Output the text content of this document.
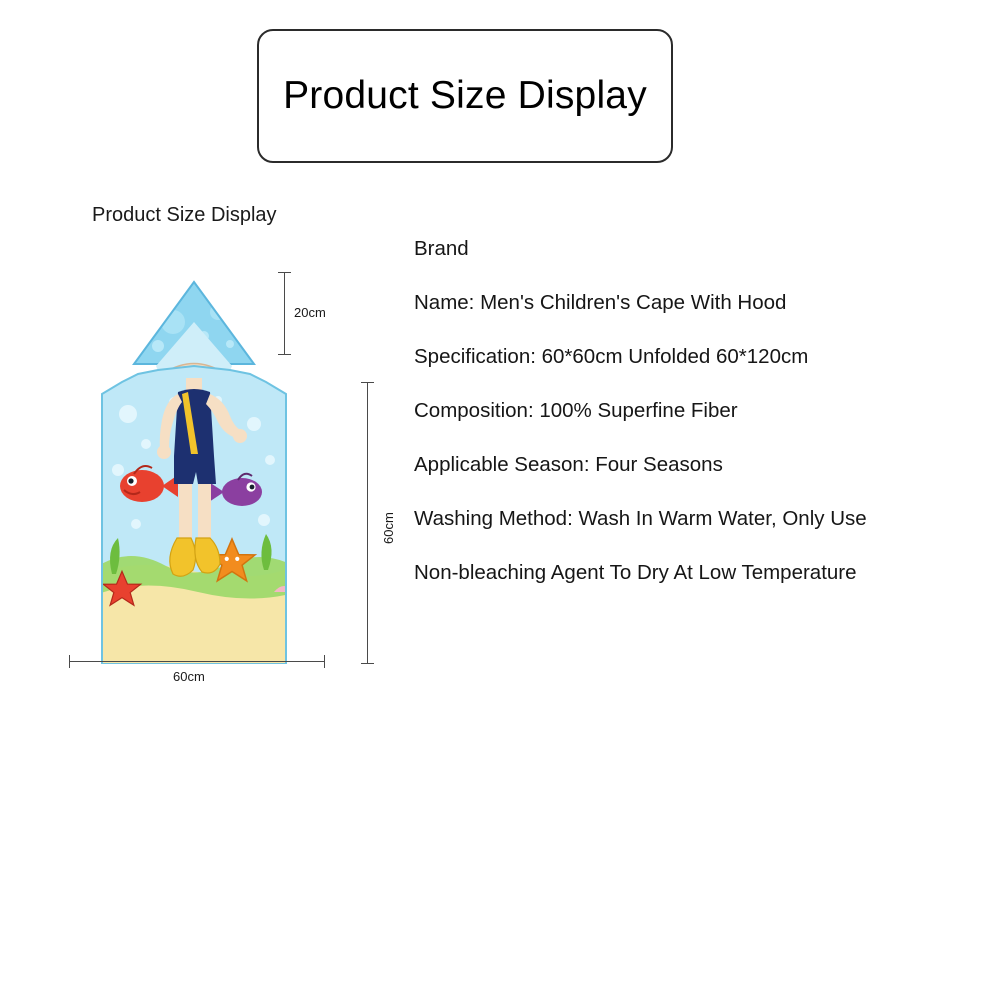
Product Size Display
Product Size Display
20cm
60cm
60cm
Brand
Name: Men's Children's Cape With Hood
Specification: 60*60cm Unfolded 60*120cm
Composition: 100% Superfine Fiber
Applicable Season: Four Seasons
Washing Method: Wash In Warm Water, Only Use
Non-bleaching Agent To Dry At Low Temperature
